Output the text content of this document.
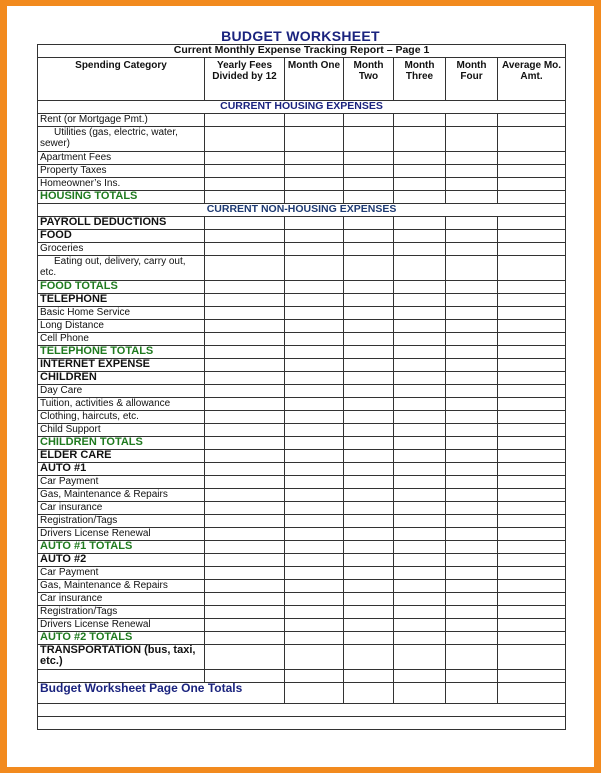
BUDGET WORKSHEET
Current Monthly Expense Tracking Report – Page 1						
Spending Category	Yearly Fees Divided by 12	Month One	Month Two	Month Three	Month Four	Average Mo. Amt.
CURRENT HOUSING EXPENSES						
Rent (or Mortgage Pmt.)						
Utilities (gas, electric, water, sewer)						
Apartment Fees						
Property Taxes						
Homeowner’s Ins.						
HOUSING TOTALS						
CURRENT NON-HOUSING EXPENSES						
PAYROLL DEDUCTIONS						
FOOD						
Groceries						
Eating out, delivery, carry out, etc.						
FOOD TOTALS						
TELEPHONE						
Basic Home Service						
Long Distance						
Cell Phone						
TELEPHONE TOTALS						
INTERNET EXPENSE						
CHILDREN						
Day Care						
Tuition, activities & allowance						
Clothing, haircuts, etc.						
Child Support						
CHILDREN TOTALS						
ELDER CARE						
AUTO #1						
Car Payment						
Gas, Maintenance & Repairs						
Car insurance						
Registration/Tags						
Drivers License Renewal						
AUTO #1 TOTALS						
AUTO #2						
Car Payment						
Gas, Maintenance & Repairs						
Car insurance						
Registration/Tags						
Drivers License Renewal						
AUTO #2 TOTALS						
TRANSPORTATION (bus, taxi, etc.)						

Budget Worksheet Page One Totals						
